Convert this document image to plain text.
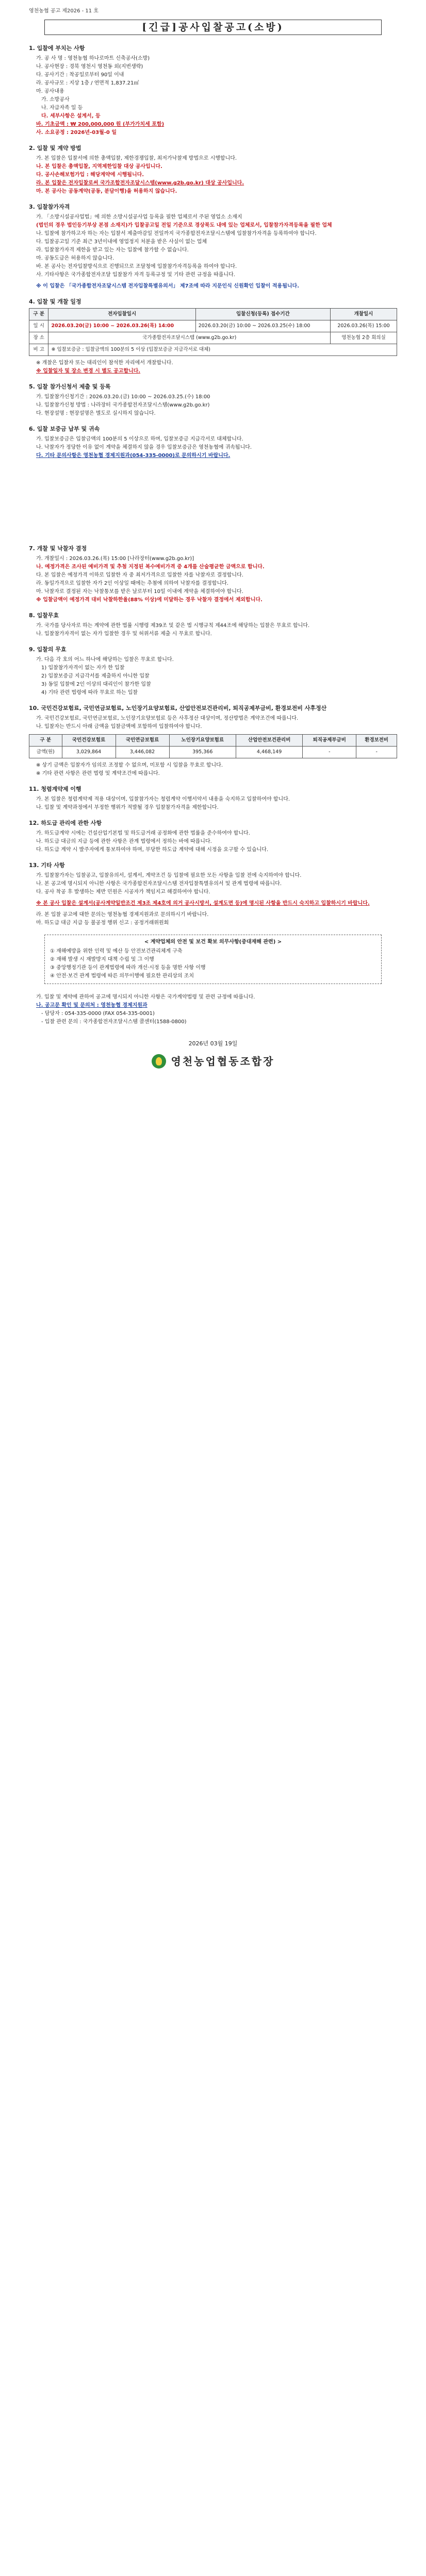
영천농협 공고 제2026 - 11 호
[긴급]공사입찰공고(소방)
1. 입찰에 부치는 사항
가. 공 사 명 : 영천농협 하나로마트 신축공사(소방)
나. 공사현장 : 경북 영천시 영천동 외(지번생략)
다. 공사기간 : 착공일로부터 90일 이내
라. 공사규모 : 지상 1층 / 연면적 1,837.21㎡
마. 공사내용
가. 소방공사
나. 자급자족 일 등
다. 세부사항은 설계서, 등
바. 기초금액 : ₩ 200,000,000 원 (부가가치세 포함)
사. 소요공정 : 2026년-03월-0 일
2. 입찰 및 계약 방법
가. 본 입찰은 입찰서에 의한 총액입찰, 제한경쟁입찰, 최저가낙찰제 방법으로 시행합니다.
나. 본 입찰은 총액입찰, 지역제한입찰 대상 공사입니다.
다. 공사손해보험가입 : 해당계약에 시행됩니다.
라. 본 입찰은 전자입찰로써 국가조합전자조달시스템(www.g2b.go.kr) 대상 공사입니다.
마. 본 공사는 공동계약(공동, 분담이행)을 허용하지 않습니다.
3. 입찰참가자격
가. 「소방시설공사업법」에 의한 소방시설공사업 등록을 필한 업체로서 주된 영업소 소재지
(법인의 경우 법인등기부상 본점 소재지)가 입찰공고일 전일 기준으로 경상북도 내에 있는 업체로서, 입찰참가자격등록을 필한 업체
나. 입찰에 참가하고자 하는 자는 입찰서 제출마감일 전일까지 국가종합전자조달시스템에 입찰참가자격을 등록하여야 합니다.
다. 입찰공고일 기준 최근 3년이내에 영업정지 처분을 받은 사실이 없는 업체
라. 입찰참가자격 제한을 받고 있는 자는 입찰에 참가할 수 없습니다.
마. 공동도급은 허용하지 않습니다.
바. 본 공사는 전자입찰방식으로 진행되므로 조달청에 입찰참가자격등록을 하여야 합니다.
사. 기타사항은 국가종합전자조달 입찰참가 자격 등록규정 및 기타 관련 규정을 따릅니다.
※ 이 입찰은 「국가종합전자조달시스템 전자입찰특별유의서」 제7조에 따라 지문인식 신원확인 입찰이 적용됩니다.
4. 입찰 및 개찰 일정
구 분	전자입찰일시	입찰신청(등록) 접수기간	개찰일시
일 시	2026.03.20(금) 10:00 ~ 2026.03.26(목) 14:00	2026.03.20(금) 10:00 ~ 2026.03.25(수) 18:00	2026.03.26(목) 15:00
장 소	국가종합전자조달시스템 (www.g2b.go.kr)		영천농협 2층 회의실
비 고	※ 입찰보증금 : 입찰금액의 100분의 5 이상 (입찰보증금 지급각서로 대체)		
※ 개찰은 입찰자 또는 대리인이 참석한 자리에서 개찰합니다.
※ 입찰일자 및 장소 변경 시 별도 공고합니다.
5. 입찰 참가신청서 제출 및 등록
가. 입찰참가신청기간 : 2026.03.20.(금) 10:00 ~ 2026.03.25.(수) 18:00
나. 입찰참가신청 방법 : 나라장터 국가종합전자조달시스템(www.g2b.go.kr)
다. 현장설명 : 현장설명은 별도로 실시하지 않습니다.
6. 입찰 보증금 납부 및 귀속
가. 입찰보증금은 입찰금액의 100분의 5 이상으로 하며, 입찰보증금 지급각서로 대체합니다.
나. 낙찰자가 정당한 이유 없이 계약을 체결하지 않을 경우 입찰보증금은 영천농협에 귀속됩니다.
다. 기타 문의사항은 영천농협 경제지원과(054-335-0000)로 문의하시기 바랍니다.
7. 개찰 및 낙찰자 결정
가. 개찰일시 : 2026.03.26.(목) 15:00 [나라장터(www.g2b.go.kr)]
나. 예정가격은 조사된 예비가격 및 추첨 지정된 복수예비가격 중 4개를 산술평균한 금액으로 합니다.
다. 본 입찰은 예정가격 이하로 입찰한 자 중 최저가격으로 입찰한 자를 낙찰자로 결정합니다.
라. 동일가격으로 입찰한 자가 2인 이상일 때에는 추첨에 의하여 낙찰자를 결정합니다.
마. 낙찰자로 결정된 자는 낙찰통보를 받은 날로부터 10일 이내에 계약을 체결하여야 합니다.
※ 입찰금액이 예정가격 대비 낙찰하한율(88% 이상)에 미달하는 경우 낙찰자 결정에서 제외합니다.
8. 입찰무효
가. 국가를 당사자로 하는 계약에 관한 법률 시행령 제39조 및 같은 법 시행규칙 제44조에 해당하는 입찰은 무효로 합니다.
나. 입찰참가자격이 없는 자가 입찰한 경우 및 허위서류 제출 시 무효로 합니다.
9. 입찰의 무효
가. 다음 각 호의 어느 하나에 해당하는 입찰은 무효로 합니다.
1) 입찰참가자격이 없는 자가 한 입찰
2) 입찰보증금 지급각서를 제출하지 아니한 입찰
3) 동일 입찰에 2인 이상의 대리인이 참가한 입찰
4) 기타 관련 법령에 따라 무효로 하는 입찰
10. 국민건강보험료, 국민연금보험료, 노인장기요양보험료, 산업안전보건관리비, 퇴직공제부금비, 환경보전비 사후정산
가. 국민건강보험료, 국민연금보험료, 노인장기요양보험료 등은 사후정산 대상이며, 정산방법은 계약조건에 따릅니다.
나. 입찰자는 반드시 아래 금액을 입찰금액에 포함하여 입찰하여야 합니다.
구 분	국민건강보험료	국민연금보험료	노인장기요양보험료	산업안전보건관리비	퇴직공제부금비	환경보전비
금액(원)	3,029,864	3,446,082	395,366	4,468,149	-	-
※ 상기 금액은 입찰자가 임의로 조정할 수 없으며, 미포함 시 입찰을 무효로 합니다.
※ 기타 관련 사항은 관련 법령 및 계약조건에 따릅니다.
11. 청렴계약제 이행
가. 본 입찰은 청렴계약제 적용 대상이며, 입찰참가자는 청렴계약 이행서약서 내용을 숙지하고 입찰하여야 합니다.
나. 입찰 및 계약과정에서 부정한 행위가 적발될 경우 입찰참가자격을 제한합니다.
12. 하도급 관리에 관한 사항
가. 하도급계약 시에는 건설산업기본법 및 하도급거래 공정화에 관한 법률을 준수하여야 합니다.
나. 하도급 대금의 지급 등에 관한 사항은 관계 법령에서 정하는 바에 따릅니다.
다. 하도급 계약 시 발주자에게 통보하여야 하며, 부당한 하도급 계약에 대해 시정을 요구할 수 있습니다.
13. 기타 사항
가. 입찰참가자는 입찰공고, 입찰유의서, 설계서, 계약조건 등 입찰에 필요한 모든 사항을 입찰 전에 숙지하여야 합니다.
나. 본 공고에 명시되지 아니한 사항은 국가종합전자조달시스템 전자입찰특별유의서 및 관계 법령에 따릅니다.
다. 공사 착공 후 발생하는 제반 민원은 시공자가 책임지고 해결하여야 합니다.
※ 본 공사 입찰은 설계서(공사계약일반조건 제3조 제4호에 의거 공사시방서, 설계도면 등)에 명시된 사항을 반드시 숙지하고 입찰하시기 바랍니다.
라. 본 입찰 공고에 대한 문의는 영천농협 경제지원과로 문의하시기 바랍니다.
마. 하도급 대금 지급 등 불공정 행위 신고 : 공정거래위원회
< 계약업체의 안전 및 보건 확보 의무사항(중대재해 관련) >
① 재해예방을 위한 인력 및 예산 등 안전보건관리체계 구축
② 재해 발생 시 재발방지 대책 수립 및 그 이행
③ 중앙행정기관 등이 관계법령에 따라 개선·시정 등을 명한 사항 이행
④ 안전·보건 관계 법령에 따른 의무이행에 필요한 관리상의 조치
가. 입찰 및 계약에 관하여 공고에 명시되지 아니한 사항은 국가계약법령 및 관련 규정에 따릅니다.
나. 공고문 확인 및 문의처 : 영천농협 경제지원과
- 담당자 : 054-335-0000 (FAX 054-335-0001)
- 입찰 관련 문의 : 국가종합전자조달시스템 콜센터(1588-0800)
2026년 03월 19일
영천농업협동조합장
